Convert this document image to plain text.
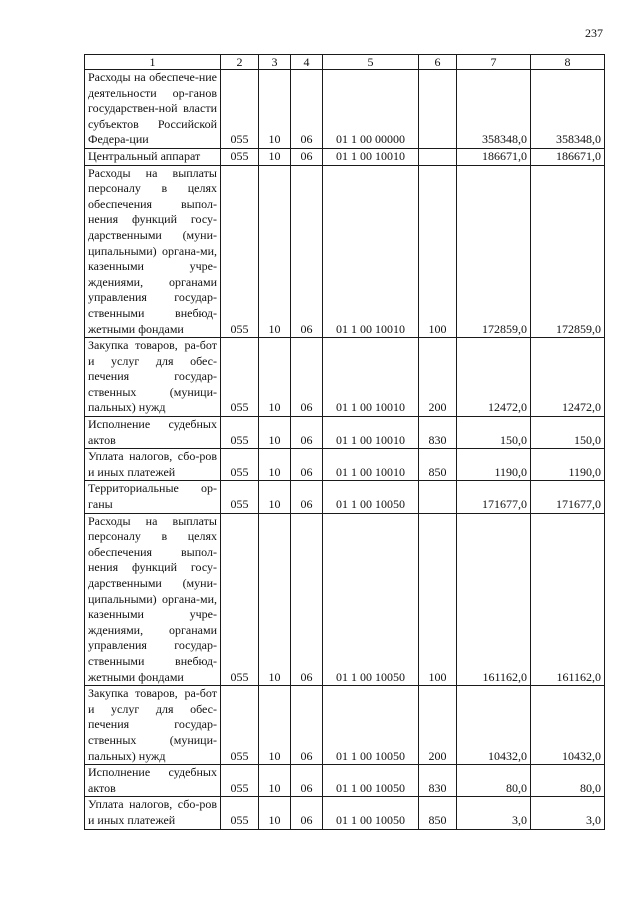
237
1	2	3	4	5	6	7	8
Расходы на обеспече-ние деятельности ор-ганов государствен-ной власти субъектов Российской Федера-ции	055	10	06	01 1 00 00000		358348,0	358348,0
Центральный аппарат	055	10	06	01 1 00 10010		186671,0	186671,0
Расходы на выплаты персоналу в целях обеспечения выпол-нения функций госу-дарственными (муни-ципальными) органа-ми, казенными учре-ждениями, органами управления государ-ственными внебюд-жетными фондами	055	10	06	01 1 00 10010	100	172859,0	172859,0
Закупка товаров, ра-бот и услуг для обес-печения государ-ственных (муници-пальных) нужд	055	10	06	01 1 00 10010	200	12472,0	12472,0
Исполнение судебных актов	055	10	06	01 1 00 10010	830	150,0	150,0
Уплата налогов, сбо-ров и иных платежей	055	10	06	01 1 00 10010	850	1190,0	1190,0
Территориальные ор-ганы	055	10	06	01 1 00 10050		171677,0	171677,0
Расходы на выплаты персоналу в целях обеспечения выпол-нения функций госу-дарственными (муни-ципальными) органа-ми, казенными учре-ждениями, органами управления государ-ственными внебюд-жетными фондами	055	10	06	01 1 00 10050	100	161162,0	161162,0
Закупка товаров, ра-бот и услуг для обес-печения государ-ственных (муници-пальных) нужд	055	10	06	01 1 00 10050	200	10432,0	10432,0
Исполнение судебных актов	055	10	06	01 1 00 10050	830	80,0	80,0
Уплата налогов, сбо-ров и иных платежей	055	10	06	01 1 00 10050	850	3,0	3,0
